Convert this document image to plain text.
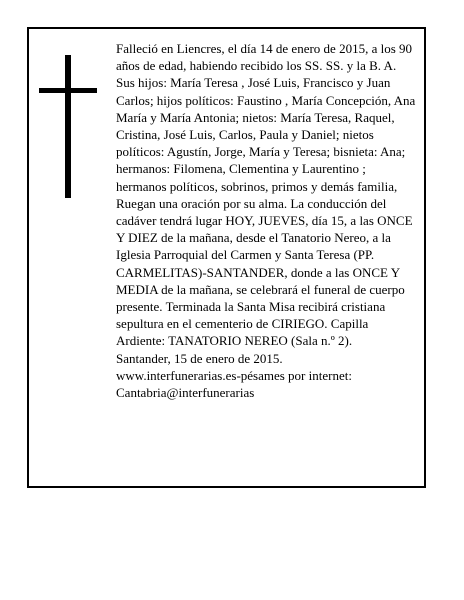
Falleció en Liencres, el día 14 de enero de 2015, a los 90 años de edad, habiendo recibido los SS. SS. y la B. A.

Sus hijos: María Teresa , José Luis, Francisco y Juan Carlos; hijos políticos: Faustino , María Concepción, Ana María y María Antonia; nietos: María Teresa, Raquel, Cristina, José Luis, Carlos, Paula y Daniel; nietos políticos: Agustín, Jorge, María y Teresa; bisnieta: Ana; hermanos: Filomena, Clementina y Laurentino ; hermanos políticos, sobrinos, primos y demás familia,

Ruegan una oración por su alma. La conducción del cadáver tendrá lugar HOY, JUEVES, día 15, a las ONCE Y DIEZ de la mañana, desde el Tanatorio Nereo, a la Iglesia Parroquial del Carmen y Santa Teresa (PP. CARMELITAS)-SANTANDER, donde a las ONCE Y MEDIA de la mañana, se celebrará el funeral de cuerpo presente. Terminada la Santa Misa recibirá cristiana sepultura en el cementerio de CIRIEGO. Capilla Ardiente: TANATORIO NEREO (Sala n.º 2).

Santander, 15 de enero de 2015.

www.interfunerarias.es-pésames por internet: Cantabria@interfunerarias
